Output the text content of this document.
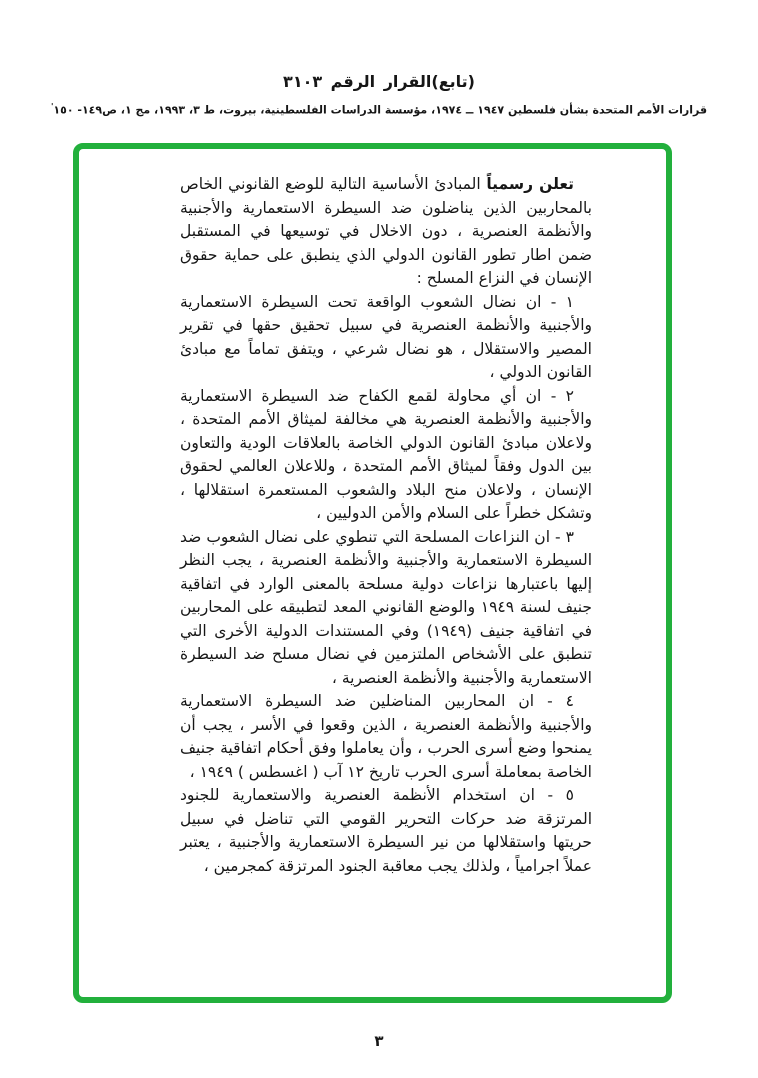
(تابع)القرار الرقم ٣١٠٣
قرارات الأمم المتحدة بشأن فلسطين ١٩٤٧ ــ ١٩٧٤، مؤسسة الدراسات الفلسطينية، بيروت، ط ٣، ١٩٩٣، مج ١، ص١٤٩- ١٥٠'

تعلن رسمياً المبادئ الأساسية التالية للوضع القانوني الخاص بالمحاربين الذين يناضلون ضد السيطرة الاستعمارية والأجنبية والأنظمة العنصرية ، دون الاخلال في توسيعها في المستقبل ضمن اطار تطور القانون الدولي الذي ينطبق على حماية حقوق الإنسان في النزاع المسلح :

١ - ان نضال الشعوب الواقعة تحت السيطرة الاستعمارية والأجنبية والأنظمة العنصرية في سبيل تحقيق حقها في تقرير المصير والاستقلال ، هو نضال شرعي ، ويتفق تماماً مع مبادئ القانون الدولي ،

٢ - ان أي محاولة لقمع الكفاح ضد السيطرة الاستعمارية والأجنبية والأنظمة العنصرية هي مخالفة لميثاق الأمم المتحدة ، ولاعلان مبادئ القانون الدولي الخاصة بالعلاقات الودية والتعاون بين الدول وفقاً لميثاق الأمم المتحدة ، وللاعلان العالمي لحقوق الإنسان ، ولاعلان منح البلاد والشعوب المستعمرة استقلالها ، وتشكل خطراً على السلام والأمن الدوليين ،

٣ - ان النزاعات المسلحة التي تنطوي على نضال الشعوب ضد السيطرة الاستعمارية والأجنبية والأنظمة العنصرية ، يجب النظر إليها باعتبارها نزاعات دولية مسلحة بالمعنى الوارد في اتفاقية جنيف لسنة ١٩٤٩ والوضع القانوني المعد لتطبيقه على المحاربين في اتفاقية جنيف (١٩٤٩) وفي المستندات الدولية الأخرى التي تنطبق على الأشخاص الملتزمين في نضال مسلح ضد السيطرة الاستعمارية والأجنبية والأنظمة العنصرية ،

٤ - ان المحاربين المناضلين ضد السيطرة الاستعمارية والأجنبية والأنظمة العنصرية ، الذين وقعوا في الأسر ، يجب أن يمنحوا وضع أسرى الحرب ، وأن يعاملوا وفق أحكام اتفاقية جنيف الخاصة بمعاملة أسرى الحرب تاريخ ١٢ آب ( اغسطس ) ١٩٤٩ ،

٥ - ان استخدام الأنظمة العنصرية والاستعمارية للجنود المرتزقة ضد حركات التحرير القومي التي تناضل في سبيل حريتها واستقلالها من نير السيطرة الاستعمارية والأجنبية ، يعتبر عملاً اجرامياً ، ولذلك يجب معاقبة الجنود المرتزقة كمجرمين ،

٣
